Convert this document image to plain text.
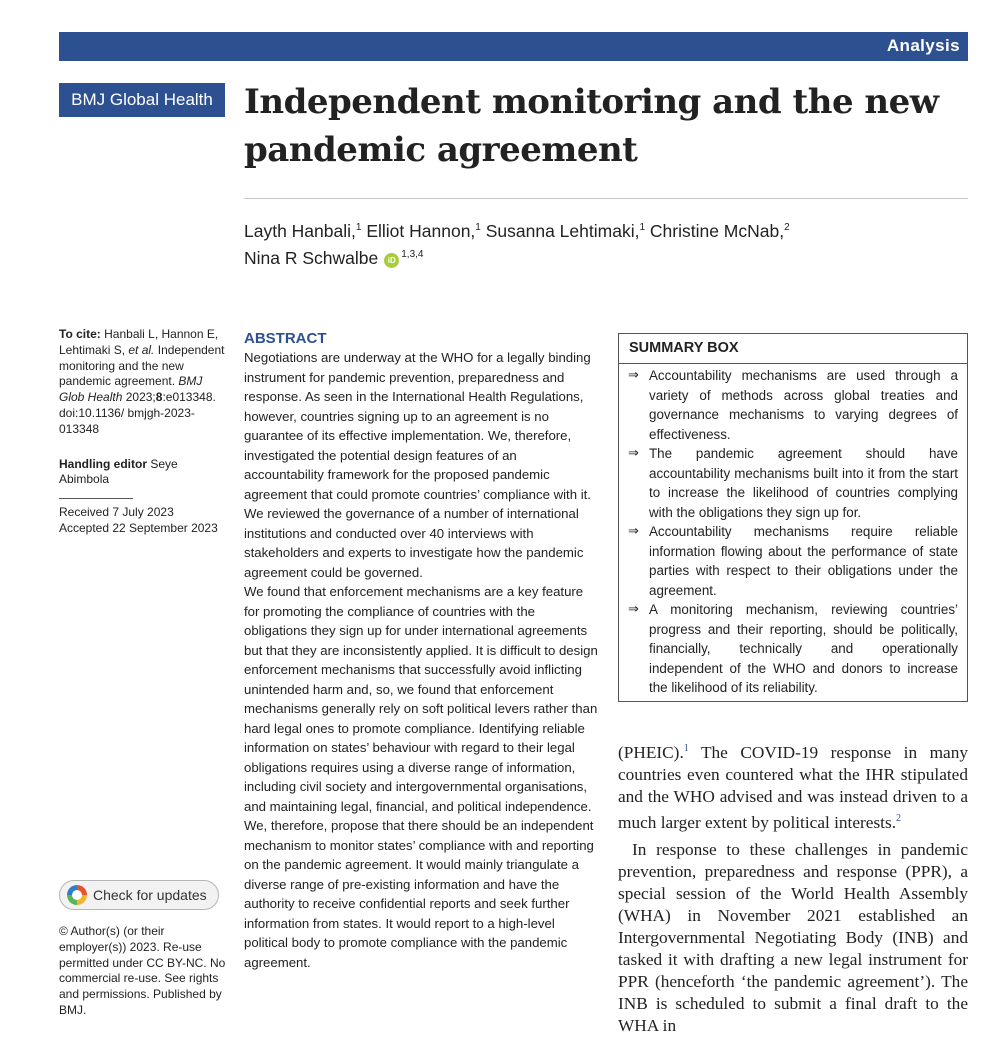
Analysis
BMJ Global Health Independent monitoring and the new pandemic agreement
Layth Hanbali,$^1$ Elliot Hannon,$^1$ Susanna Lehtimaki,$^1$ Christine McNab,$^2$
Nina R Schwalbe iD$^{1,3,4}$

To cite: Hanbali L, Hannon E, Lehtimaki S, et al. Independent monitoring and the new pandemic agreement. BMJ Glob Health 2023;8:e013348. doi:10.1136/ bmjgh-2023-013348

Handling editor Seye Abimbola

Received 7 July 2023

Accepted 22 September 2023

Check for updates

© Author(s) (or their employer(s)) 2023. Re-use permitted under CC BY-NC. No commercial re-use. See rights and permissions. Published by BMJ.

ABSTRACT

Negotiations are underway at the WHO for a legally binding instrument for pandemic prevention, preparedness and response. As seen in the International Health Regulations, however, countries signing up to an agreement is no guarantee of its effective implementation. We, therefore, investigated the potential design features of an accountability framework for the proposed pandemic agreement that could promote countries’ compliance with it. We reviewed the governance of a number of international institutions and conducted over 40 interviews with stakeholders and experts to investigate how the pandemic agreement could be governed.

We found that enforcement mechanisms are a key feature for promoting the compliance of countries with the obligations they sign up for under international agreements but that they are inconsistently applied. It is difficult to design enforcement mechanisms that successfully avoid inflicting unintended harm and, so, we found that enforcement mechanisms generally rely on soft political levers rather than hard legal ones to promote compliance. Identifying reliable information on states’ behaviour with regard to their legal obligations requires using a diverse range of information, including civil society and intergovernmental organisations, and maintaining legal, financial, and political independence.

We, therefore, propose that there should be an independent mechanism to monitor states’ compliance with and reporting on the pandemic agreement. It would mainly triangulate a diverse range of pre-existing information and have the authority to receive confidential reports and seek further information from states. It would report to a high-level political body to promote compliance with the pandemic agreement.

SUMMARY BOX
⇒ Accountability mechanisms are used through a variety of methods across global treaties and governance mechanisms to varying degrees of effectiveness.
⇒ The pandemic agreement should have accountability mechanisms built into it from the start to increase the likelihood of countries complying with the obligations they sign up for.
⇒ Accountability mechanisms require reliable information flowing about the performance of state parties with respect to their obligations under the agreement.
⇒ A monitoring mechanism, reviewing countries’ progress and their reporting, should be politically, financially, technically and operationally independent of the WHO and donors to increase the likelihood of its reliability.

(PHEIC).$^1$ The COVID-19 response in many countries even countered what the IHR stipulated and the WHO advised and was instead driven to a much larger extent by political interests.$^2$

In response to these challenges in pandemic prevention, preparedness and response (PPR), a special session of the World Health Assembly (WHA) in November 2021 established an Intergovernmental Negotiating Body (INB) and tasked it with drafting a new legal instrument for PPR (henceforth ‘the pandemic agreement’). The INB is scheduled to submit a final draft to the WHA in
